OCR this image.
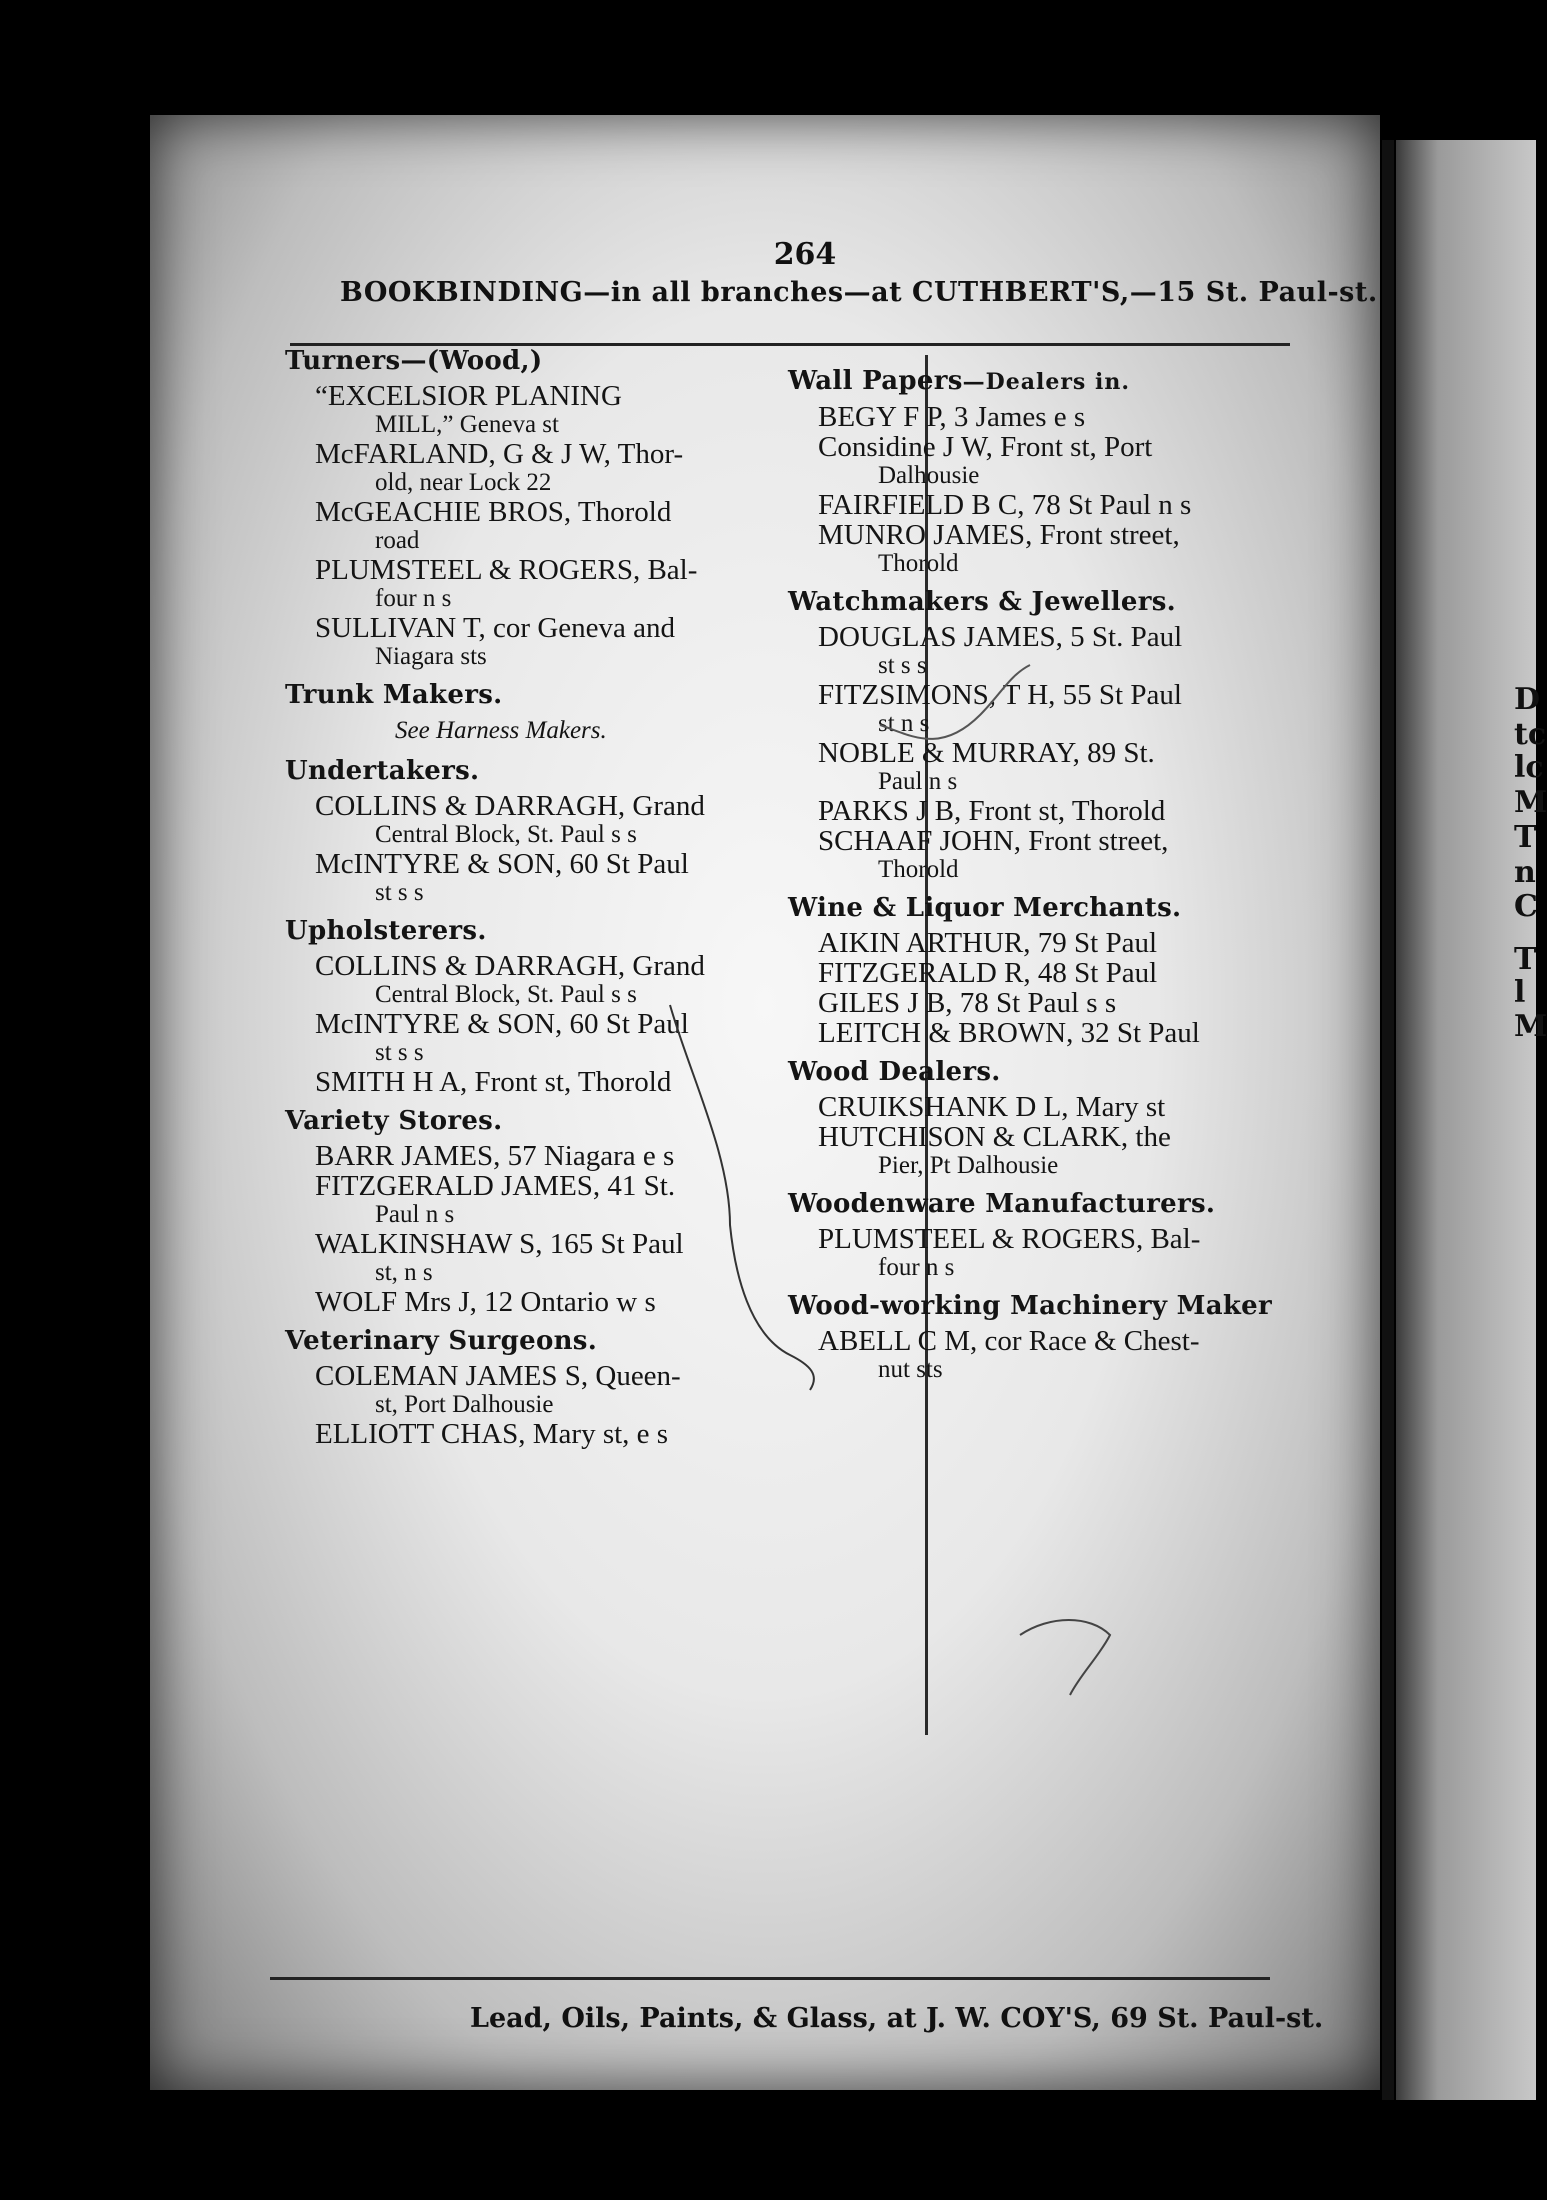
264
BOOKBINDING—in all branches—at CUTHBERT'S,—15 St. Paul-st.
Turners—(Wood,)
“EXCELSIOR PLANING
MILL,” Geneva st
McFARLAND, G & J W, Thor-
old, near Lock 22
McGEACHIE BROS, Thorold
road
PLUMSTEEL & ROGERS, Bal-
four n s
SULLIVAN T, cor Geneva and
Niagara sts
Trunk Makers.
See Harness Makers.
Undertakers.
COLLINS & DARRAGH, Grand
Central Block, St. Paul s s
McINTYRE & SON, 60 St Paul
st s s
Upholsterers.
COLLINS & DARRAGH, Grand
Central Block, St. Paul s s
McINTYRE & SON, 60 St Paul
st s s
SMITH H A, Front st, Thorold
Variety Stores.
BARR JAMES, 57 Niagara e s
FITZGERALD JAMES, 41 St.
Paul n s
WALKINSHAW S, 165 St Paul
st, n s
WOLF Mrs J, 12 Ontario w s
Veterinary Surgeons.
COLEMAN JAMES S, Queen-
st, Port Dalhousie
ELLIOTT CHAS, Mary st, e s
Wall Papers—Dealers in.
BEGY F P, 3 James e s
Considine J W, Front st, Port
Dalhousie
FAIRFIELD B C, 78 St Paul n s
MUNRO JAMES, Front street,
Thorold
Watchmakers & Jewellers.
DOUGLAS JAMES, 5 St. Paul
st s s
FITZSIMONS, T H, 55 St Paul
st n s
NOBLE & MURRAY, 89 St.
Paul n s
PARKS J B, Front st, Thorold
SCHAAF JOHN, Front street,
Thorold
Wine & Liquor Merchants.
AIKIN ARTHUR, 79 St Paul
FITZGERALD R, 48 St Paul
GILES J B, 78 St Paul s s
LEITCH & BROWN, 32 St Paul
Wood Dealers.
CRUIKSHANK D L, Mary st
HUTCHISON & CLARK, the
Pier, Pt Dalhousie
Woodenware Manufacturers.
PLUMSTEEL & ROGERS, Bal-
four n s
Wood-working Machinery Maker
ABELL C M, cor Race & Chest-
nut sts
Lead, Oils, Paints, & Glass, at J. W. COY'S, 69 St. Paul-st.
D
tc
lc
M
T
n
C
T
l
M
